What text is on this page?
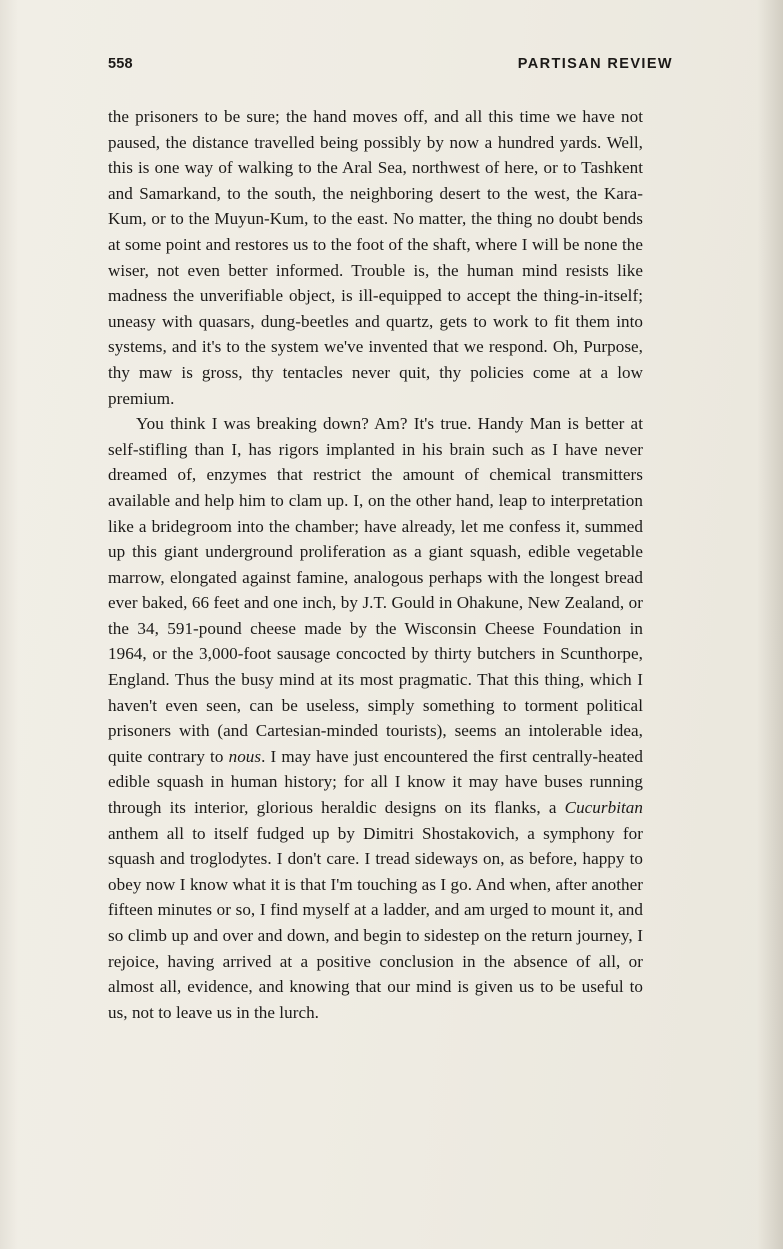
558	PARTISAN REVIEW

the prisoners to be sure; the hand moves off, and all this time we have not paused, the distance travelled being possibly by now a hundred yards. Well, this is one way of walking to the Aral Sea, northwest of here, or to Tashkent and Samarkand, to the south, the neighboring desert to the west, the Kara-Kum, or to the Muyun-Kum, to the east. No matter, the thing no doubt bends at some point and restores us to the foot of the shaft, where I will be none the wiser, not even better informed. Trouble is, the human mind resists like madness the unverifiable object, is ill-equipped to accept the thing-in-itself; uneasy with quasars, dung-beetles and quartz, gets to work to fit them into systems, and it's to the system we've invented that we respond. Oh, Purpose, thy maw is gross, thy tentacles never quit, thy policies come at a low premium.

You think I was breaking down? Am? It's true. Handy Man is better at self-stifling than I, has rigors implanted in his brain such as I have never dreamed of, enzymes that restrict the amount of chemical transmitters available and help him to clam up. I, on the other hand, leap to interpretation like a bridegroom into the chamber; have already, let me confess it, summed up this giant underground proliferation as a giant squash, edible vegetable marrow, elongated against famine, analogous perhaps with the longest bread ever baked, 66 feet and one inch, by J.T. Gould in Ohakune, New Zealand, or the 34, 591-pound cheese made by the Wisconsin Cheese Foundation in 1964, or the 3,000-foot sausage concocted by thirty butchers in Scunthorpe, England. Thus the busy mind at its most pragmatic. That this thing, which I haven't even seen, can be useless, simply something to torment political prisoners with (and Cartesian-minded tourists), seems an intolerable idea, quite contrary to nous. I may have just encountered the first centrally-heated edible squash in human history; for all I know it may have buses running through its interior, glorious heraldic designs on its flanks, a Cucurbitan anthem all to itself fudged up by Dimitri Shostakovich, a symphony for squash and troglodytes. I don't care. I tread sideways on, as before, happy to obey now I know what it is that I'm touching as I go. And when, after another fifteen minutes or so, I find myself at a ladder, and am urged to mount it, and so climb up and over and down, and begin to sidestep on the return journey, I rejoice, having arrived at a positive conclusion in the absence of all, or almost all, evidence, and knowing that our mind is given us to be useful to us, not to leave us in the lurch.
